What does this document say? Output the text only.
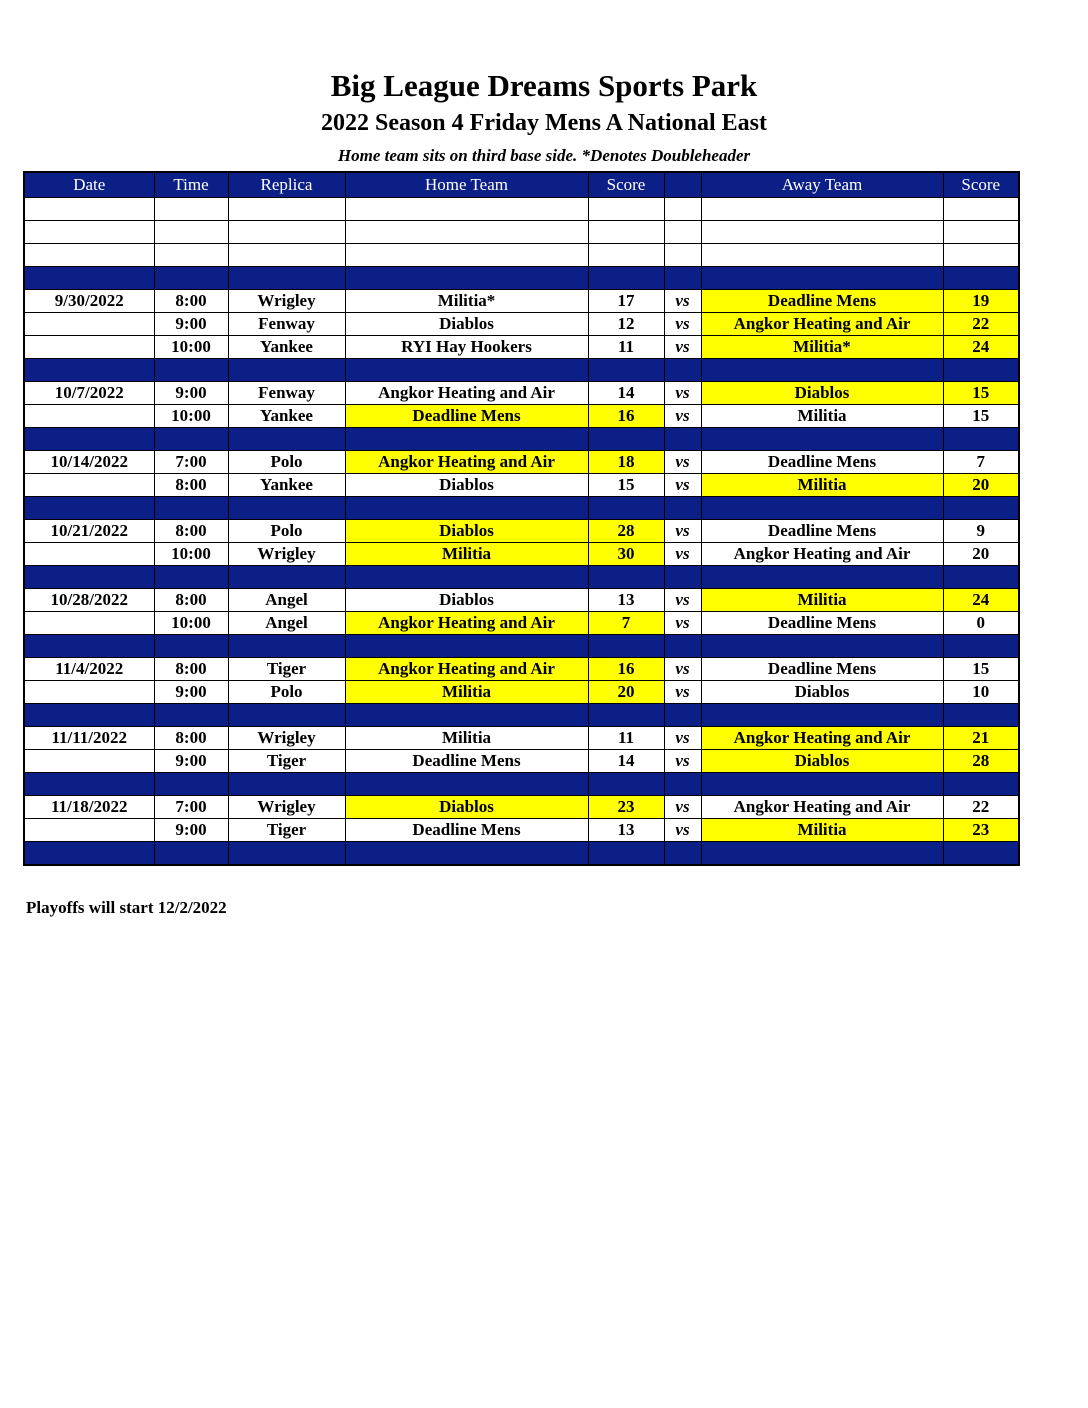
Big League Dreams Sports Park
2022 Season 4 Friday Mens A National East

Home team sits on third base side. *Denotes Doubleheader

Date	Time	Replica	Home Team	Score		Away Team	Score

9/30/2022	8:00	Wrigley	Militia*	17	vs	Deadline Mens	19
	9:00	Fenway	Diablos	12	vs	Angkor Heating and Air	22
	10:00	Yankee	RYI Hay Hookers	11	vs	Militia*	24

10/7/2022	9:00	Fenway	Angkor Heating and Air	14	vs	Diablos	15
	10:00	Yankee	Deadline Mens	16	vs	Militia	15

10/14/2022	7:00	Polo	Angkor Heating and Air	18	vs	Deadline Mens	7
	8:00	Yankee	Diablos	15	vs	Militia	20

10/21/2022	8:00	Polo	Diablos	28	vs	Deadline Mens	9
	10:00	Wrigley	Militia	30	vs	Angkor Heating and Air	20

10/28/2022	8:00	Angel	Diablos	13	vs	Militia	24
	10:00	Angel	Angkor Heating and Air	7	vs	Deadline Mens	0

11/4/2022	8:00	Tiger	Angkor Heating and Air	16	vs	Deadline Mens	15
	9:00	Polo	Militia	20	vs	Diablos	10

11/11/2022	8:00	Wrigley	Militia	11	vs	Angkor Heating and Air	21
	9:00	Tiger	Deadline Mens	14	vs	Diablos	28

11/18/2022	7:00	Wrigley	Diablos	23	vs	Angkor Heating and Air	22
	9:00	Tiger	Deadline Mens	13	vs	Militia	23

Playoffs will start 12/2/2022
